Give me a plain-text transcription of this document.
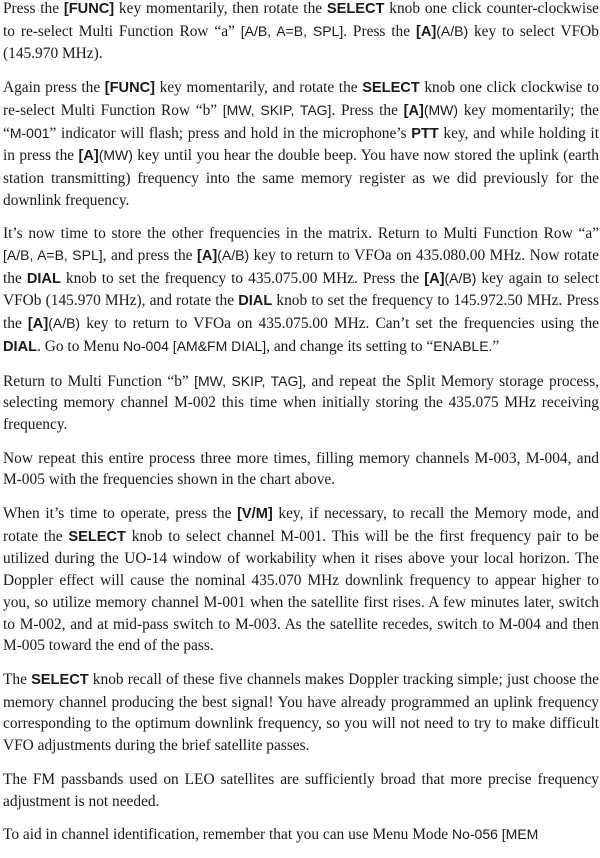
Press the [FUNC] key momentarily, then rotate the SELECT knob one click counter-clockwise to re-select Multi Function Row “a” [A/B, A=B, SPL]. Press the [A](A/B) key to select VFOb (145.970 MHz).

Again press the [FUNC] key momentarily, and rotate the SELECT knob one click clockwise to re-select Multi Function Row “b” [MW, SKIP, TAG]. Press the [A](MW) key momentarily; the “M-001” indicator will flash; press and hold in the microphone’s PTT key, and while holding it in press the [A](MW) key until you hear the double beep. You have now stored the uplink (earth station transmitting) frequency into the same memory register as we did previously for the downlink frequency.

It’s now time to store the other frequencies in the matrix. Return to Multi Function Row “a” [A/B, A=B, SPL], and press the [A](A/B) key to return to VFOa on 435.080.00 MHz. Now rotate the DIAL knob to set the frequency to 435.075.00 MHz. Press the [A](A/B) key again to select VFOb (145.970 MHz), and rotate the DIAL knob to set the frequency to 145.972.50 MHz. Press the [A](A/B) key to return to VFOa on 435.075.00 MHz. Can’t set the frequencies using the DIAL. Go to Menu No-004 [AM&FM DIAL], and change its setting to “ENABLE.”

Return to Multi Function “b” [MW, SKIP, TAG], and repeat the Split Memory storage process, selecting memory channel M-002 this time when initially storing the 435.075 MHz receiving frequency.

Now repeat this entire process three more times, filling memory channels M-003, M-004, and M-005 with the frequencies shown in the chart above.

When it’s time to operate, press the [V/M] key, if necessary, to recall the Memory mode, and rotate the SELECT knob to select channel M-001. This will be the first frequency pair to be utilized during the UO-14 window of workability when it rises above your local horizon. The Doppler effect will cause the nominal 435.070 MHz downlink frequency to appear higher to you, so utilize memory channel M-001 when the satellite first rises. A few minutes later, switch to M-002, and at mid-pass switch to M-003. As the satellite recedes, switch to M-004 and then M-005 toward the end of the pass.

The SELECT knob recall of these five channels makes Doppler tracking simple; just choose the memory channel producing the best signal! You have already programmed an uplink frequency corresponding to the optimum downlink frequency, so you will not need to try to make difficult VFO adjustments during the brief satellite passes.

The FM passbands used on LEO satellites are sufficiently broad that more precise frequency adjustment is not needed.

To aid in channel identification, remember that you can use Menu Mode No-056 [MEM
